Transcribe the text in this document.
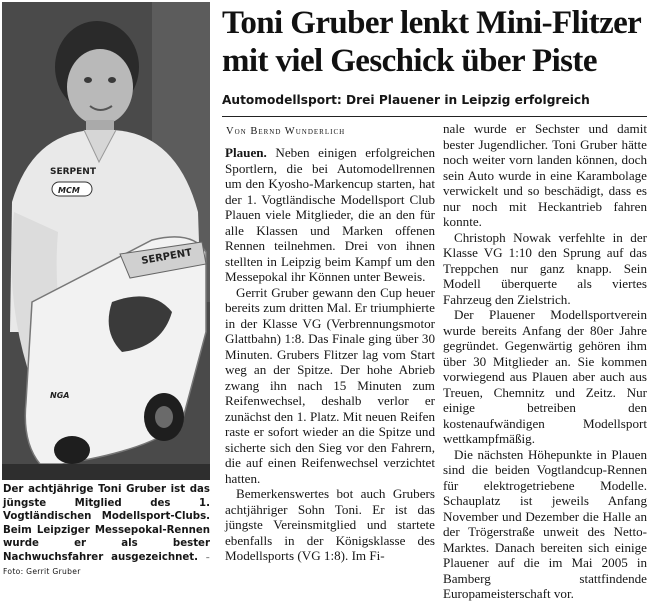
SERPENT
MCM
SERPENT
NGA
Der achtjährige Toni Gruber ist das jüngste Mitglied des 1. Vogtländischen Modellsport-Clubs. Beim Leipziger Messepokal-Rennen wurde er als bester Nachwuchsfahrer ausgezeichnet. –Foto: Gerrit Gruber
Toni Gruber lenkt Mini-Flitzer mit viel Geschick über Piste
Automodellsport: Drei Plauener in Leipzig erfolgreich
Von Bernd Wunderlich

Plauen. Neben einigen erfolgreichen Sportlern, die bei Automodellrennen um den Kyosho-Markencup starten, hat der 1. Vogtländische Modellsport Club Plauen viele Mitglieder, die an den für alle Klassen und Marken offenen Rennen teilnehmen. Drei von ihnen stellten in Leipzig beim Kampf um den Messepokal ihr Können unter Beweis.

Gerrit Gruber gewann den Cup heuer bereits zum dritten Mal. Er triumphierte in der Klasse VG (Verbrennungsmotor Glattbahn) 1:8. Das Finale ging über 30 Minuten. Grubers Flitzer lag vom Start weg an der Spitze. Der hohe Abrieb zwang ihn nach 15 Minuten zum Reifenwechsel, deshalb verlor er zunächst den 1. Platz. Mit neuen Reifen raste er sofort wieder an die Spitze und sicherte sich den Sieg vor den Fahrern, die auf einen Reifenwechsel verzichtet hatten.

Bemerkenswertes bot auch Grubers achtjähriger Sohn Toni. Er ist das jüngste Vereinsmitglied und startete ebenfalls in der Königsklasse des Modellsports (VG 1:8). Im Fi-

nale wurde er Sechster und damit bester Jugendlicher. Toni Gruber hätte noch weiter vorn landen können, doch sein Auto wurde in eine Karambolage verwickelt und so beschädigt, dass es nur noch mit Heckantrieb fahren konnte.

Christoph Nowak verfehlte in der Klasse VG 1:10 den Sprung auf das Treppchen nur ganz knapp. Sein Modell überquerte als viertes Fahrzeug den Zielstrich.

Der Plauener Modellsportverein wurde bereits Anfang der 80er Jahre gegründet. Gegenwärtig gehören ihm über 30 Mitglieder an. Sie kommen vorwiegend aus Plauen aber auch aus Treuen, Chemnitz und Zeitz. Nur einige betreiben den kostenaufwändigen Modellsport wettkampfmäßig.

Die nächsten Höhepunkte in Plauen sind die beiden Vogtlandcup-Rennen für elektrogetriebene Modelle. Schauplatz ist jeweils Anfang November und Dezember die Halle an der Trögerstraße unweit des Netto-Marktes. Danach bereiten sich einige Plauener auf die im Mai 2005 in Bamberg stattfindende Europameisterschaft vor.
